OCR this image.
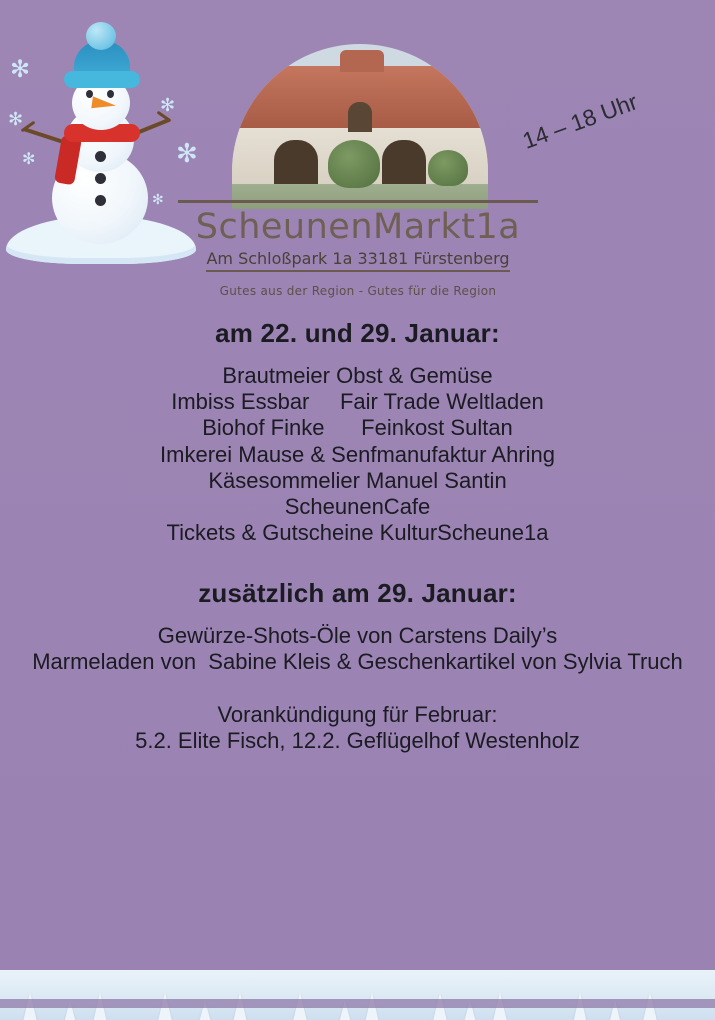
✻
✻
✻
✻
✻
✻
ScheunenMarkt1a
Am Schloßpark 1a 33181 Fürstenberg
Gutes aus der Region - Gutes für die Region
14 – 18 Uhr
am 22. und 29. Januar:
Brautmeier Obst & Gemüse
Imbiss Essbar     Fair Trade Weltladen
Biohof Finke      Feinkost Sultan
Imkerei Mause & Senfmanufaktur Ahring
Käsesommelier Manuel Santin
ScheunenCafe
Tickets & Gutscheine KulturScheune1a
zusätzlich am 29. Januar:
Gewürze-Shots-Öle von Carstens Daily’s
Marmeladen von  Sabine Kleis & Geschenkartikel von Sylvia Truch
Vorankündigung für Februar:
5.2. Elite Fisch, 12.2. Geflügelhof Westenholz
